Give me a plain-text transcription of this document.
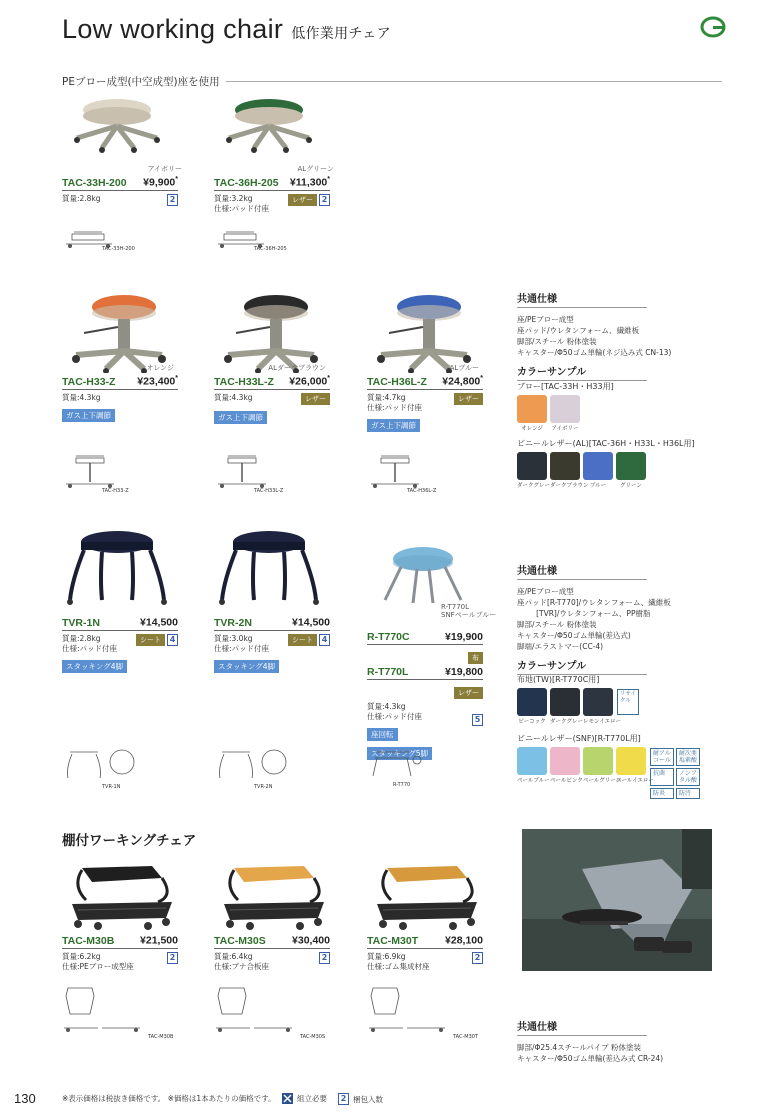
Low working chair 低作業用チェア
PEブロー成型(中空成型)座を使用
アイボリー
TAC-33H-200 ¥9,900*
質量:2.8kg	2
TAC-33H-200
ALグリーン
TAC-36H-205 ¥11,300*
質量:3.2kg
仕様:パッド付座
レザー	2
TAC-36H-205
オレンジ
TAC-H33-Z ¥23,400*
質量:4.3kg
ガス上下調節
TAC-H33-Z
ALダークブラウン
TAC-H33L-Z ¥26,000*
質量:4.3kg	レザー
ガス上下調節
TAC-H33L-Z
ALブルー
TAC-H36L-Z ¥24,800*
質量:4.7kg
仕様:パッド付座
レザー
ガス上下調節
TAC-H36L-Z
TVR-1N	¥14,500
質量:2.8kg
仕様:パッド付座
シート	4
スタッキング4脚
TVR-1N
TVR-2N	¥14,500
質量:3.0kg
仕様:パッド付座
シート	4
スタッキング4脚
TVR-2N
TAC-M30B ¥21,500
質量:6.2kg
仕様:PEブロー成型座
2
TAC-M30B
TAC-M30S	¥30,400
質量:6.4kg
仕様:ブナ合板座
2
TAC-M30S
TAC-M30T	¥28,100
質量:6.9kg
仕様:ゴム集成材座
2
TAC-M30T
R-T770L
SNFペールブルー
R-T770C	¥19,900
布
R-T770L	¥19,800
レザー
質量:4.3kg
仕様:パッド付座
座回転
スタッキング5脚
5
R-T770
共通仕様
座/PEブロー成型
座パッド/ウレタンフォーム、繊維板
脚部/スチール 粉体塗装
キャスター/Φ50ゴム単輪(ネジ込み式 CN-13)
カラーサンプル
ブロー[TAC-33H・H33用]
オレンジ	アイボリー
ビニールレザー(AL)[TAC-36H・H33L・H36L用]
ダークグレー ダークブラウン ブルー	グリーン
共通仕様
座/PEブロー成型
座パッド[R-T770]/ウレタンフォーム、繊維板
[TVR]/ウレタンフォーム、PP樹脂
脚部/スチール 粉体塗装
キャスター/Φ50ゴム単輪(差込式)
脚端/エラストマー(CC-4)
カラーサンプル
布地(TW)[R-T770C用]
ピーコック ダークグレー レモンイエロー
リサイクル
ビニールレザー(SNF)[R-T770L用]
ペールブルー ペールピンク ペールグリーン
ペールイエロー
耐アルコール
耐次亜塩素酸
抗菌	ノンフタル酸
防炎	防汚
棚付ワーキングチェア
共通仕様
脚部/Φ25.4スチールパイプ 粉体塗装
キャスター/Φ50ゴム単輪(差込み式 CR-24)
130	※表示価格は税抜き価格です。 ※価格は1本あたりの価格です。	組立必要	2 梱包入数
